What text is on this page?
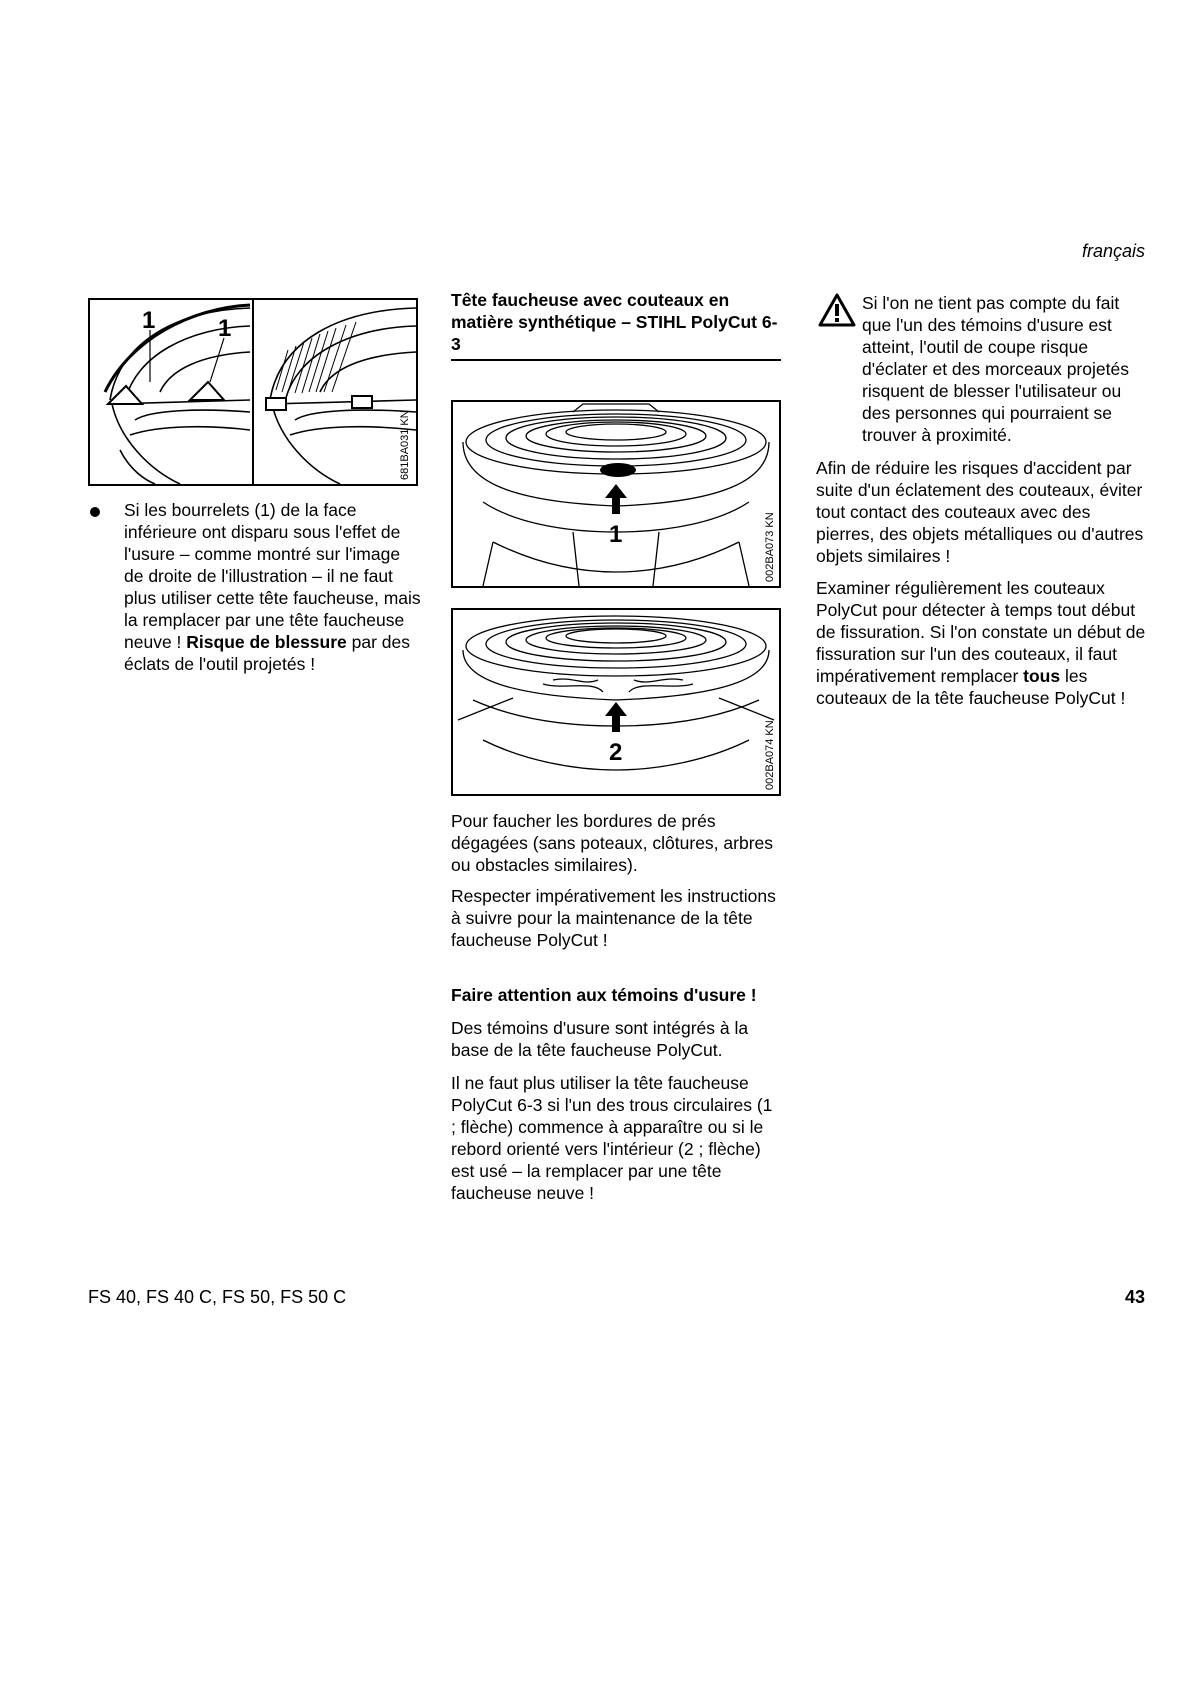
français
1	1
681BA031 KN

Si les bourrelets (1) de la face inférieure ont disparu sous l'effet de l'usure – comme montré sur l'image de droite de l'illustration – il ne faut plus utiliser cette tête faucheuse, mais la remplacer par une tête faucheuse neuve ! Risque de blessure par des éclats de l'outil projetés !

Tête faucheuse avec couteaux en matière synthétique – STIHL PolyCut 6-3

1	002BA073 KN
2	002BA074 KN

Pour faucher les bordures de prés dégagées (sans poteaux, clôtures, arbres ou obstacles similaires).

Respecter impérativement les instructions à suivre pour la maintenance de la tête faucheuse PolyCut !

Faire attention aux témoins d'usure !

Des témoins d'usure sont intégrés à la base de la tête faucheuse PolyCut.

Il ne faut plus utiliser la tête faucheuse PolyCut 6-3 si l'un des trous circulaires (1 ; flèche) commence à apparaître ou si le rebord orienté vers l'intérieur (2 ; flèche) est usé – la remplacer par une tête faucheuse neuve !

Si l'on ne tient pas compte du fait que l'un des témoins d'usure est atteint, l'outil de coupe risque d'éclater et des morceaux projetés risquent de blesser l'utilisateur ou des personnes qui pourraient se trouver à proximité.

Afin de réduire les risques d'accident par suite d'un éclatement des couteaux, éviter tout contact des couteaux avec des pierres, des objets métalliques ou d'autres objets similaires !

Examiner régulièrement les couteaux PolyCut pour détecter à temps tout début de fissuration. Si l'on constate un début de fissuration sur l'un des couteaux, il faut impérativement remplacer tous les couteaux de la tête faucheuse PolyCut !

FS 40, FS 40 C, FS 50, FS 50 C	43
